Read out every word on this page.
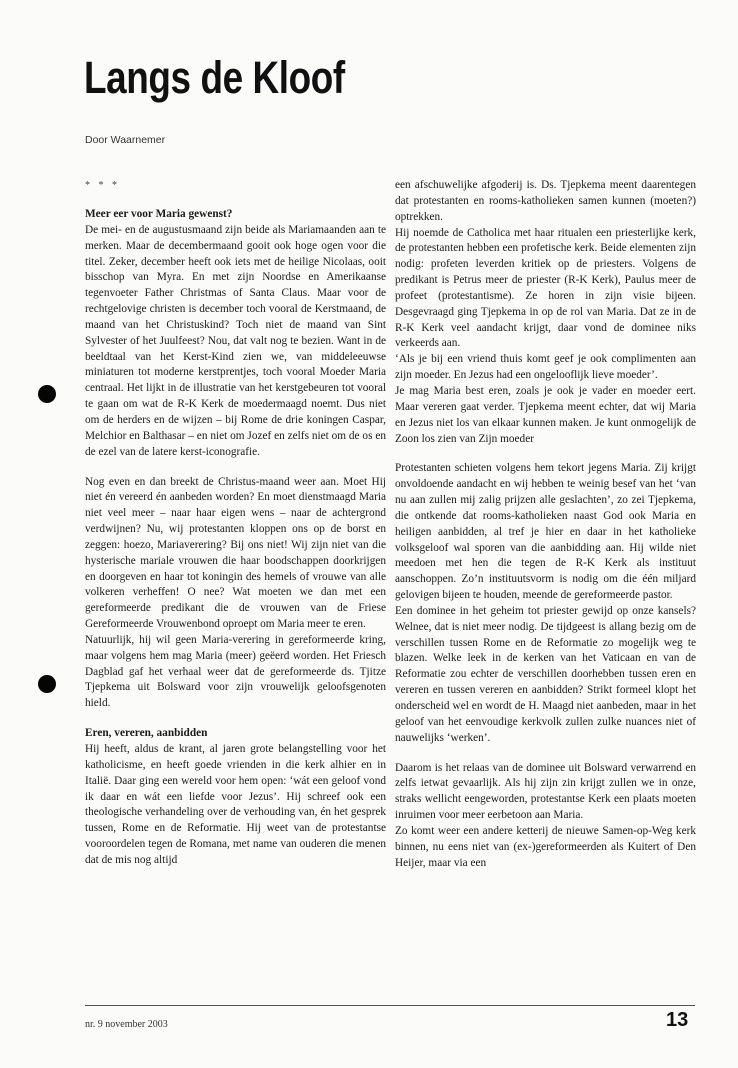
Langs de Kloof
Door Waarnemer
* * *
Meer eer voor Maria gewenst?

De mei- en de augustusmaand zijn beide als Mariamaanden aan te merken. Maar de decembermaand gooit ook hoge ogen voor die titel. Zeker, december heeft ook iets met de heilige Nicolaas, ooit bisschop van Myra. En met zijn Noordse en Amerikaanse tegenvoeter Father Christmas of Santa Claus. Maar voor de rechtgelovige christen is december toch vooral de Kerstmaand, de maand van het Christuskind? Toch niet de maand van Sint Sylvester of het Juulfeest? Nou, dat valt nog te bezien. Want in de beeldtaal van het Kerst-Kind zien we, van middeleeuwse miniaturen tot moderne kerstprentjes, toch vooral Moeder Maria centraal. Het lijkt in de illustratie van het kerstgebeuren tot vooral te gaan om wat de R-K Kerk de moedermaagd noemt. Dus niet om de herders en de wijzen – bij Rome de drie koningen Caspar, Melchior en Balthasar – en niet om Jozef en zelfs niet om de os en de ezel van de latere kerst-iconografie.

Nog even en dan breekt de Christus-maand weer aan. Moet Hij niet én vereerd én aanbeden worden? En moet dienstmaagd Maria niet veel meer – naar haar eigen wens – naar de achtergrond verdwijnen? Nu, wij protestanten kloppen ons op de borst en zeggen: hoezo, Mariaverering? Bij ons niet! Wij zijn niet van die hysterische mariale vrouwen die haar boodschappen doorkrijgen en doorgeven en haar tot koningin des hemels of vrouwe van alle volkeren verheffen! O nee? Wat moeten we dan met een gereformeerde predikant die de vrouwen van de Friese Gereformeerde Vrouwenbond oproept om Maria meer te eren.

Natuurlijk, hij wil geen Maria-verering in gereformeerde kring, maar volgens hem mag Maria (meer) geëerd worden. Het Friesch Dagblad gaf het verhaal weer dat de gereformeerde ds. Tjitze Tjepkema uit Bolsward voor zijn vrouwelijk geloofsgenoten hield.

Eren, vereren, aanbidden

Hij heeft, aldus de krant, al jaren grote belangstelling voor het katholicisme, en heeft goede vrienden in die kerk alhier en in Italië. Daar ging een wereld voor hem open: ‘wát een geloof vond ik daar en wát een liefde voor Jezus’. Hij schreef ook een theologische verhandeling over de verhouding van, én het gesprek tussen, Rome en de Reformatie. Hij weet van de protestantse vooroordelen tegen de Romana, met name van ouderen die menen dat de mis nog altijd

een afschuwelijke afgoderij is. Ds. Tjepkema meent daarentegen dat protestanten en rooms-katholieken samen kunnen (moeten?) optrekken.

Hij noemde de Catholica met haar ritualen een priesterlijke kerk, de protestanten hebben een profetische kerk. Beide elementen zijn nodig: profeten leverden kritiek op de priesters. Volgens de predikant is Petrus meer de priester (R-K Kerk), Paulus meer de profeet (protestantisme). Ze horen in zijn visie bijeen. Desgevraagd ging Tjepkema in op de rol van Maria. Dat ze in de R-K Kerk veel aandacht krijgt, daar vond de dominee niks verkeerds aan.

‘Als je bij een vriend thuis komt geef je ook complimenten aan zijn moeder. En Jezus had een ongelooflijk lieve moeder’.

Je mag Maria best eren, zoals je ook je vader en moeder eert. Maar vereren gaat verder. Tjepkema meent echter, dat wij Maria en Jezus niet los van elkaar kunnen maken. Je kunt onmogelijk de Zoon los zien van Zijn moeder

Protestanten schieten volgens hem tekort jegens Maria. Zij krijgt onvoldoende aandacht en wij hebben te weinig besef van het ‘van nu aan zullen mij zalig prijzen alle geslachten’, zo zei Tjepkema, die ontkende dat rooms-katholieken naast God ook Maria en heiligen aanbidden, al tref je hier en daar in het katholieke volksgeloof wal sporen van die aanbidding aan. Hij wilde niet meedoen met hen die tegen de R-K Kerk als instituut aanschoppen. Zo’n instituutsvorm is nodig om die één miljard gelovigen bijeen te houden, meende de gereformeerde pastor.

Een dominee in het geheim tot priester gewijd op onze kansels? Welnee, dat is niet meer nodig. De tijdgeest is allang bezig om de verschillen tussen Rome en de Reformatie zo mogelijk weg te blazen. Welke leek in de kerken van het Vaticaan en van de Reformatie zou echter de verschillen doorhebben tussen eren en vereren en tussen vereren en aanbidden? Strikt formeel klopt het onderscheid wel en wordt de H. Maagd niet aanbeden, maar in het geloof van het eenvoudige kerkvolk zullen zulke nuances niet of nauwelijks ‘werken’.

Daarom is het relaas van de dominee uit Bolsward verwarrend en zelfs ietwat gevaarlijk. Als hij zijn zin krijgt zullen we in onze, straks wellicht eengeworden, protestantse Kerk een plaats moeten inruimen voor meer eerbetoon aan Maria.

Zo komt weer een andere ketterij de nieuwe Samen-op-Weg kerk binnen, nu eens niet van (ex-)gereformeerden als Kuitert of Den Heijer, maar via een

nr. 9 november 2003	13
